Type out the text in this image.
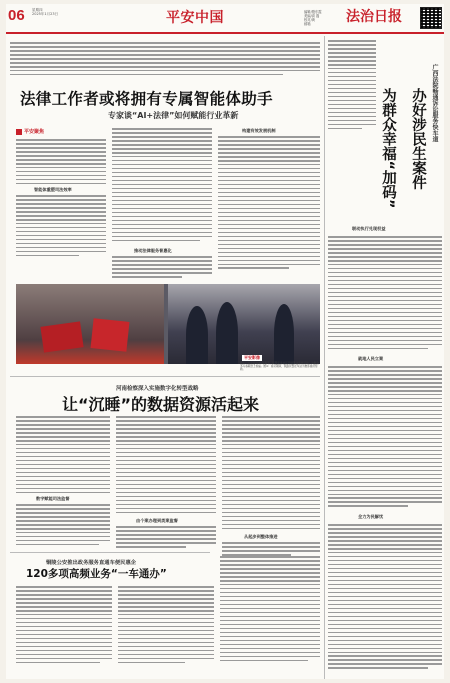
06 星期四
2025年1月23日	平安中国	编辑/殷东霞
美编/高 磊
校对/黄
邮箱	法治日报
法律工作者或将拥有专属智能体助手
专家谈“AI+法律”如何赋能行业革新
平安聚焦
智能体重塑司法效率
推动法律服务普惠化
构建有效发展机制
平安影像
图①：为迎接2025年春节，民警走进社区开展普法宣传活动，为群众书写春联送上祝福。图②：春运期间，铁路民警在车站为旅客提供帮助。
河南检察深入实施数字化转型战略
让“沉睡”的数据资源活起来
数字赋能司法监督
由个案办理到类案监督
从起步到整体推进
铜陵公安推出政务服务直通车便民惠企
120多项高频业务“一车通办”
广西法院畅通诉讼服务快车道
办好涉民生案件
为群众幸福“加码”
联动执行兑现权益
就地人民立案
全力为民解忧
